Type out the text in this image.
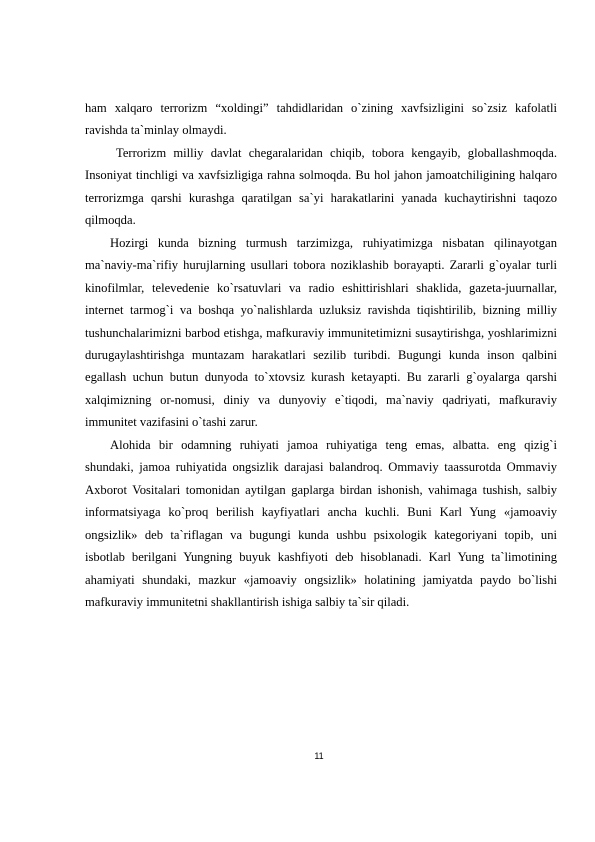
ham xalqaro terrorizm “xoldingi” tahdidlaridan o`zining xavfsizligini so`zsiz kafolatli ravishda ta`minlay olmaydi.

Terrorizm milliy davlat chegaralaridan chiqib, tobora kengayib, globallashmoqda. Insoniyat tinchligi va xavfsizligiga rahna solmoqda. Bu hol jahon jamoatchiligining halqaro terrorizmga qarshi kurashga qaratilgan sa`yi harakatlarini yanada kuchaytirishni taqozo qilmoqda.

Hozirgi kunda bizning turmush tarzimizga, ruhiyatimizga nisbatan qilinayotgan ma`naviy-ma`rifiy hurujlarning usullari tobora noziklashib borayapti. Zararli g`oyalar turli kinofilmlar, televedenie ko`rsatuvlari va radio eshittirishlari shaklida, gazeta-juurnallar, internet tarmog`i va boshqa yo`nalishlarda uzluksiz ravishda tiqishtirilib, bizning milliy tushunchalarimizni barbod etishga, mafkuraviy immunitetimizni susaytirishga, yoshlarimizni durugaylashtirishga muntazam harakatlari sezilib turibdi. Bugungi kunda inson qalbini egallash uchun butun dunyoda to`xtovsiz kurash ketayapti. Bu zararli g`oyalarga qarshi xalqimizning or-nomusi, diniy va dunyoviy e`tiqodi, ma`naviy qadriyati, mafkuraviy immunitet vazifasini o`tashi zarur.

Alohida bir odamning ruhiyati jamoa ruhiyatiga teng emas, albatta. eng qizig`i shundaki, jamoa ruhiyatida ongsizlik darajasi balandroq. Ommaviy taassurotda Ommaviy Axborot Vositalari tomonidan aytilgan gaplarga birdan ishonish, vahimaga tushish, salbiy informatsiyaga ko`proq berilish kayfiyatlari ancha kuchli. Buni Karl Yung «jamoaviy ongsizlik» deb ta`riflagan va bugungi kunda ushbu psixologik kategoriyani topib, uni isbotlab berilgani Yungning buyuk kashfiyoti deb hisoblanadi. Karl Yung ta`limotining ahamiyati shundaki, mazkur «jamoaviy ongsizlik» holatining jamiyatda paydo bo`lishi mafkuraviy immunitetni shakllantirish ishiga salbiy ta`sir qiladi.

11
